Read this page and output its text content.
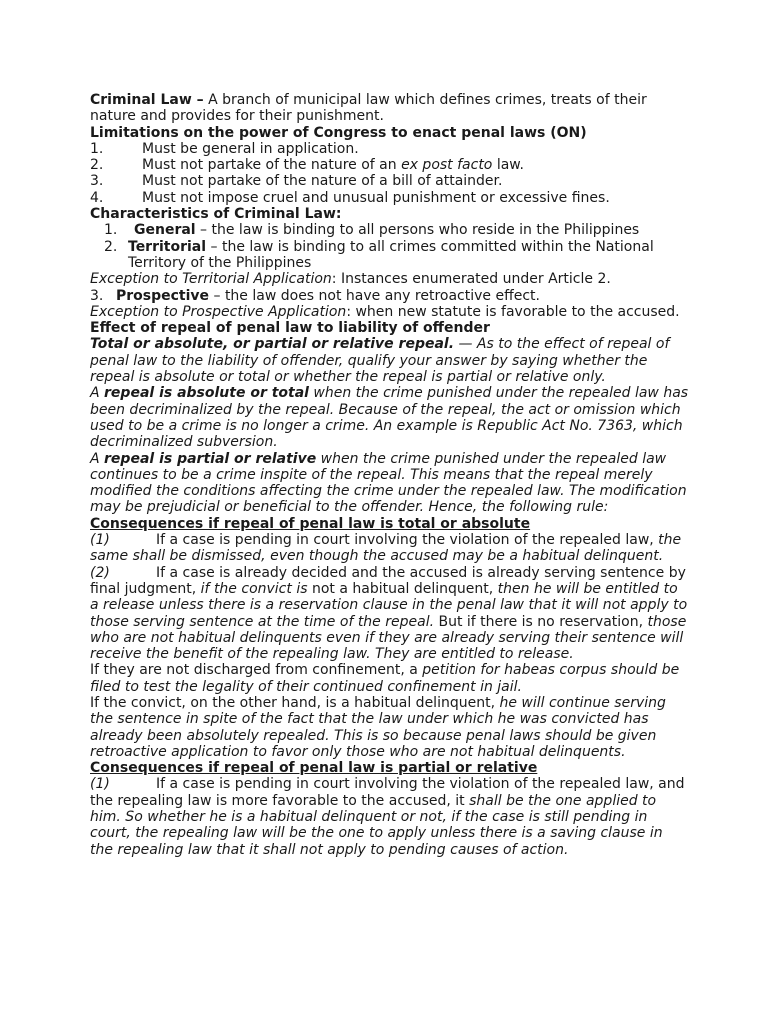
Criminal Law – A branch of municipal law which defines crimes, treats of their nature and provides for their punishment.

Limitations on the power of Congress to enact penal laws (ON)

1.	Must be general in application.

2.	Must not partake of the nature of an ex post facto law.

3.	Must not partake of the nature of a bill of attainder.

4.	Must not impose cruel and unusual punishment or excessive fines.

Characteristics of Criminal Law:

1. General – the law is binding to all persons who reside in the Philippines

2. Territorial – the law is binding to all crimes committed within the National Territory of the Philippines

Exception to Territorial Application: Instances enumerated under Article 2.

3. Prospective – the law does not have any retroactive effect.

Exception to Prospective Application: when new statute is favorable to the accused.

Effect of repeal of penal law to liability of offender

Total or absolute, or partial or relative repeal. — As to the effect of repeal of penal law to the liability of offender, qualify your answer by saying whether the repeal is absolute or total or whether the repeal is partial or relative only.

A repeal is absolute or total when the crime punished under the repealed law has been decriminalized by the repeal. Because of the repeal, the act or omission which used to be a crime is no longer a crime. An example is Republic Act No. 7363, which decriminalized subversion.

A repeal is partial or relative when the crime punished under the repealed law continues to be a crime inspite of the repeal. This means that the repeal merely modified the conditions affecting the crime under the repealed law. The modification may be prejudicial or beneficial to the offender. Hence, the following rule:

Consequences if repeal of penal law is total or absolute

(1)	If a case is pending in court involving the violation of the repealed law, the same shall be dismissed, even though the accused may be a habitual delinquent.

(2)	If a case is already decided and the accused is already serving sentence by final judgment, if the convict is not a habitual delinquent, then he will be entitled to a release unless there is a reservation clause in the penal law that it will not apply to those serving sentence at the time of the repeal. But if there is no reservation, those who are not habitual delinquents even if they are already serving their sentence will receive the benefit of the repealing law. They are entitled to release.

If they are not discharged from confinement, a petition for habeas corpus should be filed to test the legality of their continued confinement in jail.

If the convict, on the other hand, is a habitual delinquent, he will continue serving the sentence in spite of the fact that the law under which he was convicted has already been absolutely repealed. This is so because penal laws should be given retroactive application to favor only those who are not habitual delinquents.

Consequences if repeal of penal law is partial or relative

(1)	If a case is pending in court involving the violation of the repealed law, and the repealing law is more favorable to the accused, it shall be the one applied to him. So whether he is a habitual delinquent or not, if the case is still pending in court, the repealing law will be the one to apply unless there is a saving clause in the repealing law that it shall not apply to pending causes of action.
